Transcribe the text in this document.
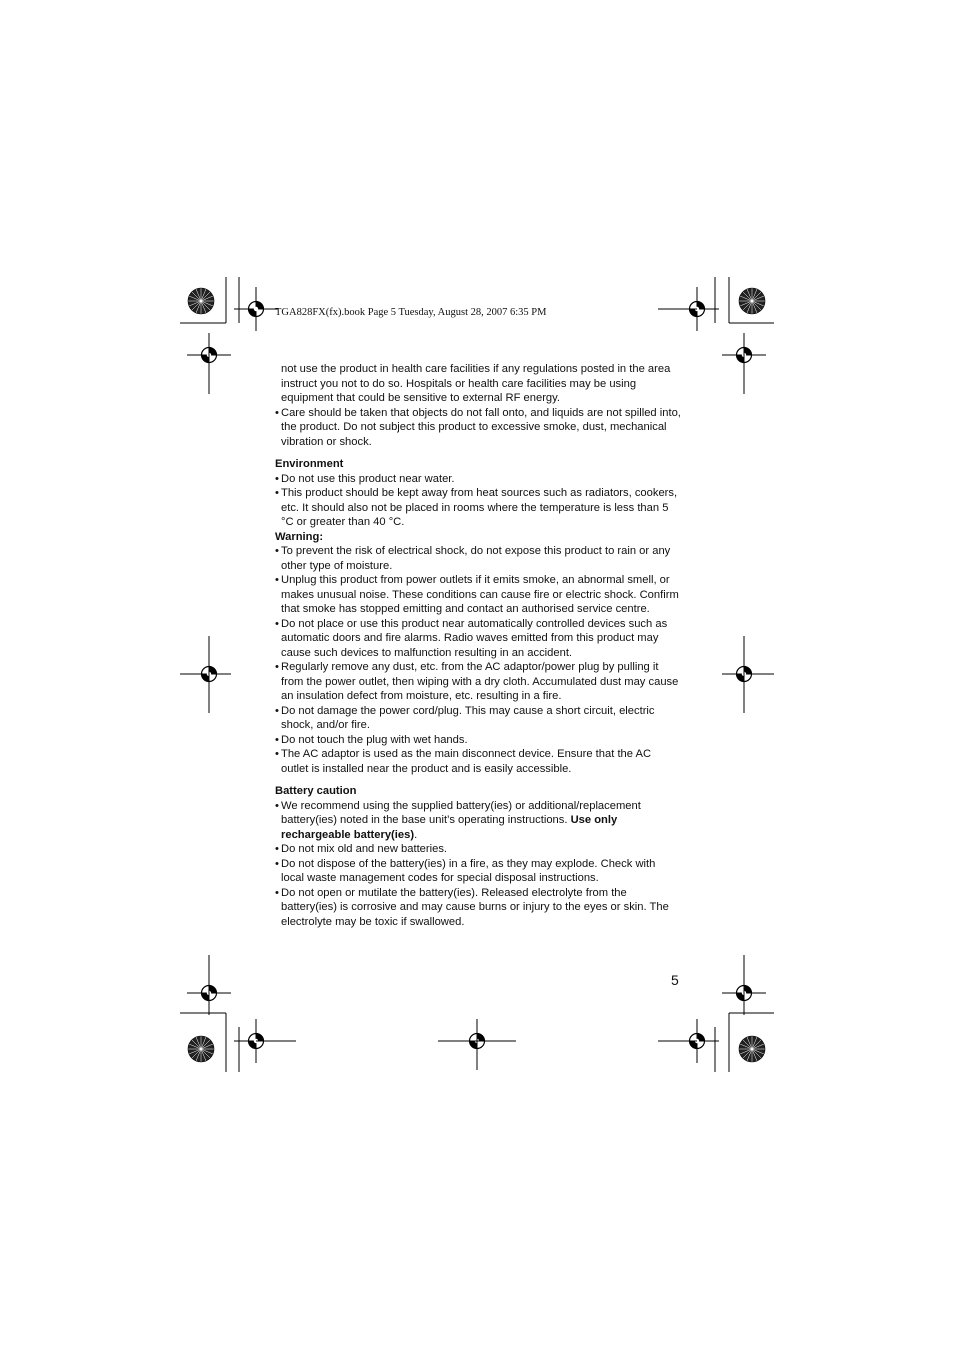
TGA828FX(fx).book Page 5 Tuesday, August 28, 2007 6:35 PM

not use the product in health care facilities if any regulations posted in the area instruct you not to do so. Hospitals or health care facilities may be using equipment that could be sensitive to external RF energy.

• Care should be taken that objects do not fall onto, and liquids are not spilled into, the product. Do not subject this product to excessive smoke, dust, mechanical vibration or shock.

Environment

• Do not use this product near water.

• This product should be kept away from heat sources such as radiators, cookers, etc. It should also not be placed in rooms where the temperature is less than 5 °C or greater than 40 °C.

Warning:

• To prevent the risk of electrical shock, do not expose this product to rain or any other type of moisture.

• Unplug this product from power outlets if it emits smoke, an abnormal smell, or makes unusual noise. These conditions can cause fire or electric shock. Confirm that smoke has stopped emitting and contact an authorised service centre.

• Do not place or use this product near automatically controlled devices such as automatic doors and fire alarms. Radio waves emitted from this product may cause such devices to malfunction resulting in an accident.

• Regularly remove any dust, etc. from the AC adaptor/power plug by pulling it from the power outlet, then wiping with a dry cloth. Accumulated dust may cause an insulation defect from moisture, etc. resulting in a fire.

• Do not damage the power cord/plug. This may cause a short circuit, electric shock, and/or fire.

• Do not touch the plug with wet hands.

• The AC adaptor is used as the main disconnect device. Ensure that the AC outlet is installed near the product and is easily accessible.

Battery caution

• We recommend using the supplied battery(ies) or additional/replacement battery(ies) noted in the base unit’s operating instructions. Use only rechargeable battery(ies).

• Do not mix old and new batteries.

• Do not dispose of the battery(ies) in a fire, as they may explode. Check with local waste management codes for special disposal instructions.

• Do not open or mutilate the battery(ies). Released electrolyte from the battery(ies) is corrosive and may cause burns or injury to the eyes or skin. The electrolyte may be toxic if swallowed.

5
